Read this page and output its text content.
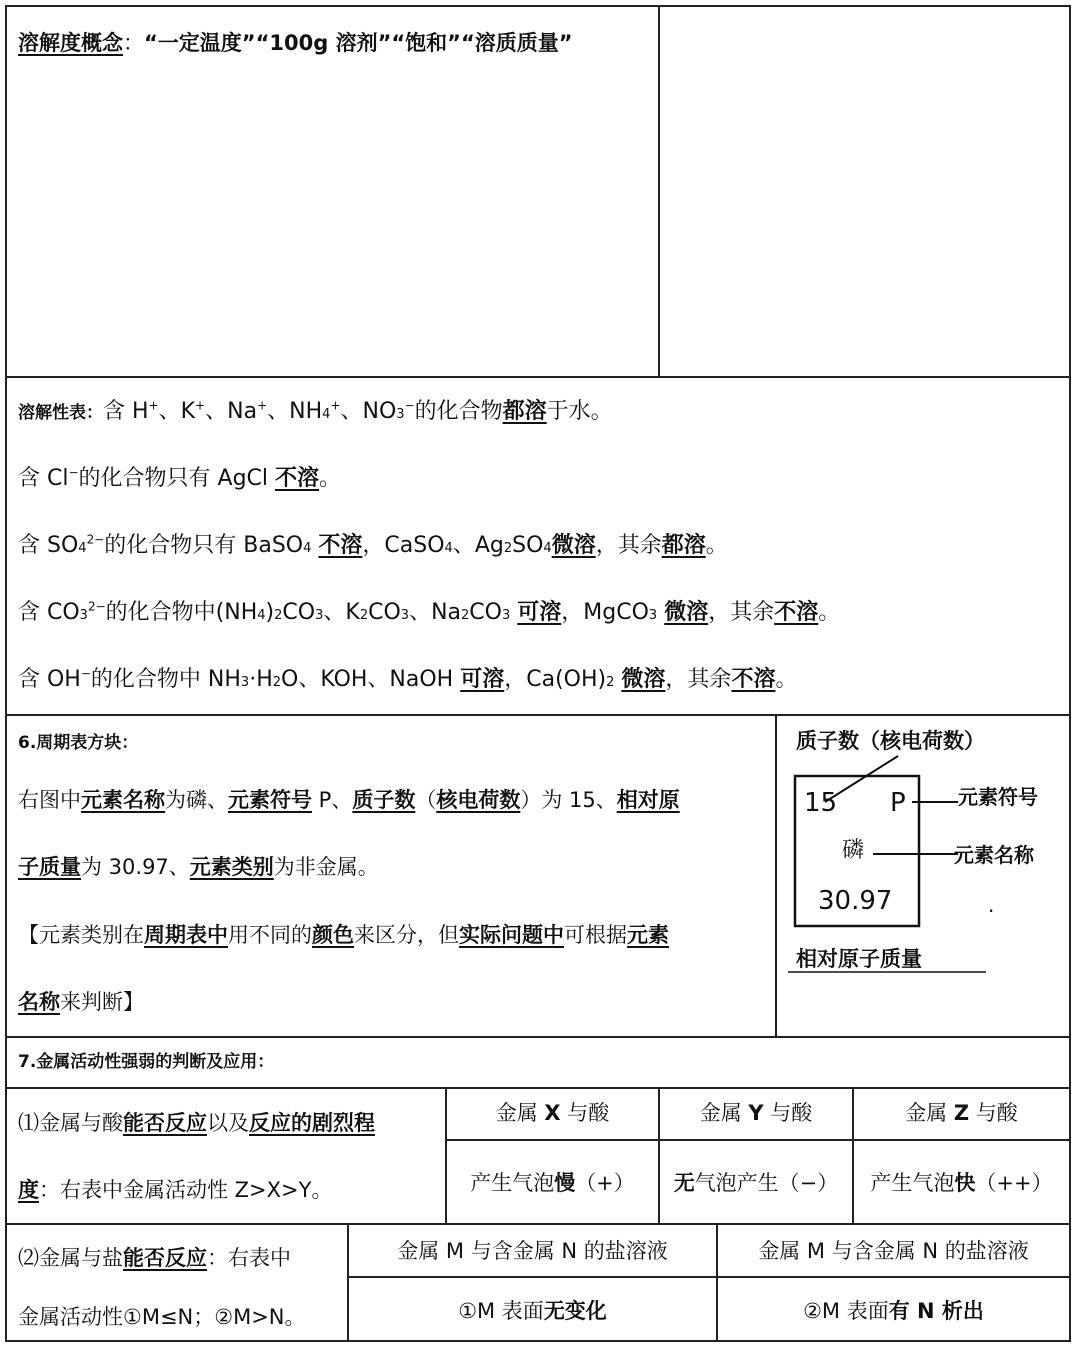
溶解度概念：“一定温度”“100g 溶剂”“饱和”“溶质质量”
溶解性表：含 H+、K+、Na+、NH4+、NO3−的化合物都溶于水。
含 Cl−的化合物只有 AgCl 不溶。
含 $SO4^{2-}$的化合物只有 BaSO4 不溶，CaSO4、Ag2SO4微溶，其余都溶。
含 $CO3^{2-}$的化合物中(NH4)2CO3、K2CO3、Na2CO3 可溶，MgCO3 微溶，其余不溶。
含 OH−的化合物中 NH3·H2O、KOH、NaOH 可溶，Ca(OH)2 微溶，其余不溶。
6.周期表方块：
右图中元素名称为磷、元素符号 P、质子数（核电荷数）为 15、相对原
子质量为 30.97、元素类别为非金属。
【元素类别在周期表中用不同的颜色来区分，但实际问题中可根据元素
名称来判断】
质子数（核电荷数）
15 P
磷
30.97
元素符号
元素名称
.
相对原子质量
7.金属活动性强弱的判断及应用：
⑴金属与酸能否反应以及反应的剧烈程
度：右表中金属活动性 Z>X>Y。
金属 X 与酸	金属 Y 与酸	金属 Z 与酸
产生气泡慢（+）	无气泡产生（−）	产生气泡快（++）
⑵金属与盐能否反应：右表中
金属活动性①M≤N；②M>N。
金属 M 与含金属 N 的盐溶液	金属 M 与含金属 N 的盐溶液
①M 表面无变化	②M 表面有 N 析出
